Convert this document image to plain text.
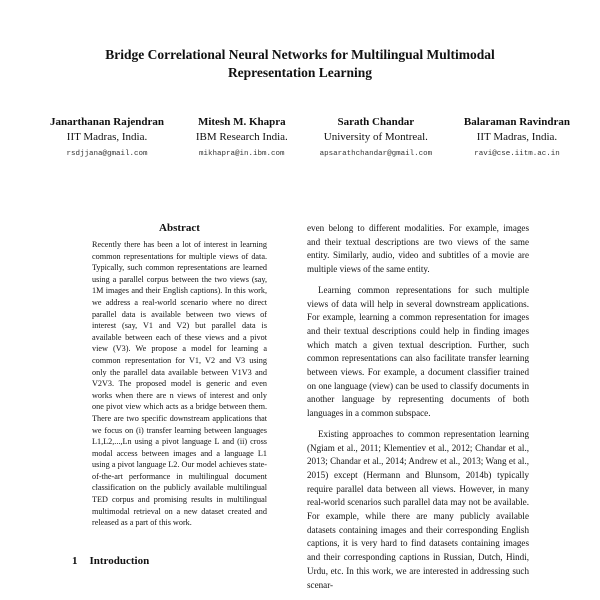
Bridge Correlational Neural Networks for Multilingual Multimodal
Representation Learning
Janarthanan Rajendran
IIT Madras, India.
rsdjjana@gmail.com
Mitesh M. Khapra
IBM Research India.
mikhapra@in.ibm.com
Sarath Chandar
University of Montreal.
apsarathchandar@gmail.com
Balaraman Ravindran
IIT Madras, India.
ravi@cse.iitm.ac.in
Abstract

Recently there has been a lot of interest in learning common representations for multiple views of data. Typically, such common representations are learned using a parallel corpus between the two views (say, 1M images and their English captions). In this work, we address a real-world scenario where no direct parallel data is available between two views of interest (say, V1 and V2) but parallel data is available between each of these views and a pivot view (V3). We propose a model for learning a common representation for V1, V2 and V3 using only the parallel data available between V1V3 and V2V3. The proposed model is generic and even works when there are n views of interest and only one pivot view which acts as a bridge between them. There are two specific downstream applications that we focus on (i) transfer learning between languages L1,L2,...,Ln using a pivot language L and (ii) cross modal access between images and a language L1 using a pivot language L2. Our model achieves state-of-the-art performance in multilingual document classification on the publicly available multilingual TED corpus and promising results in multilingual multimodal retrieval on a new dataset created and released as a part of this work.

1 Introduction

even belong to different modalities. For example, images and their textual descriptions are two views of the same entity. Similarly, audio, video and subtitles of a movie are multiple views of the same entity.

Learning common representations for such multiple views of data will help in several downstream applications. For example, learning a common representation for images and their textual descriptions could help in finding images which match a given textual description. Further, such common representations can also facilitate transfer learning between views. For example, a document classifier trained on one language (view) can be used to classify documents in another language by representing documents of both languages in a common subspace.

Existing approaches to common representation learning (Ngiam et al., 2011; Klementiev et al., 2012; Chandar et al., 2013; Chandar et al., 2014; Andrew et al., 2013; Wang et al., 2015) except (Hermann and Blunsom, 2014b) typically require parallel data between all views. However, in many real-world scenarios such parallel data may not be available. For example, while there are many publicly available datasets containing images and their corresponding English captions, it is very hard to find datasets containing images and their corresponding captions in Russian, Dutch, Hindi, Urdu, etc. In this work, we are interested in addressing such scenar-
